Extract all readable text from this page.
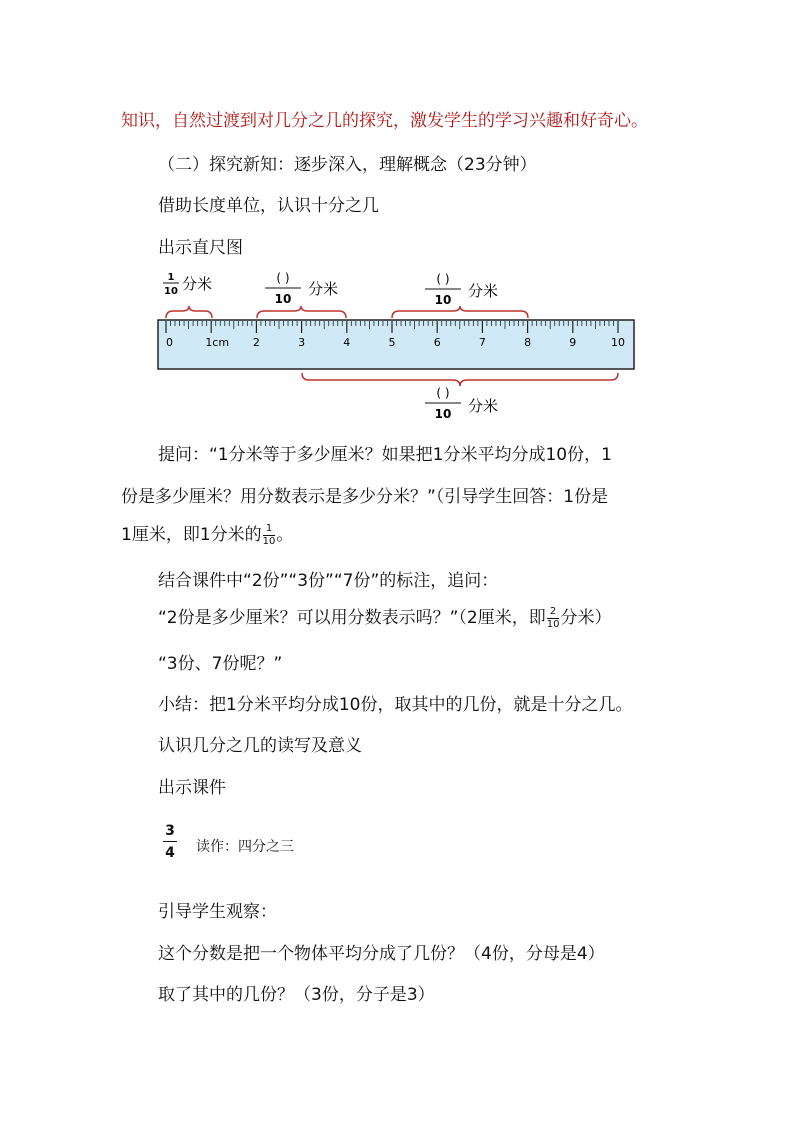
知识，自然过渡到对几分之几的探究，激发学生的学习兴趣和好奇心。
（二）探究新知：逐步深入，理解概念（23分钟）
借助长度单位，认识十分之几
出示直尺图
0	1cm 2	3	4	5	6	7	8	9	10
1
10 分米	( )
10
分米
( )
10 分米
( )
10 分米
提问：“1分米等于多少厘米？如果把1分米平均分成10份，1
份是多少厘米？用分数表示是多少分米？”（引导学生回答：1份是
1厘米，即1分米的 $\frac{1}{10}$ 。
结合课件中“2份”“3份”“7份”的标注，追问：
“2份是多少厘米？可以用分数表示吗？”（2厘米，即 $\frac{2}{10}$ 分米）
“3份、7份呢？”
小结：把1分米平均分成10份，取其中的几份，就是十分之几。
认识几分之几的读写及意义
出示课件
3
4	读作：四分之三
引导学生观察：
这个分数是把一个物体平均分成了几份？（4份，分母是4）
取了其中的几份？（3份，分子是3）
